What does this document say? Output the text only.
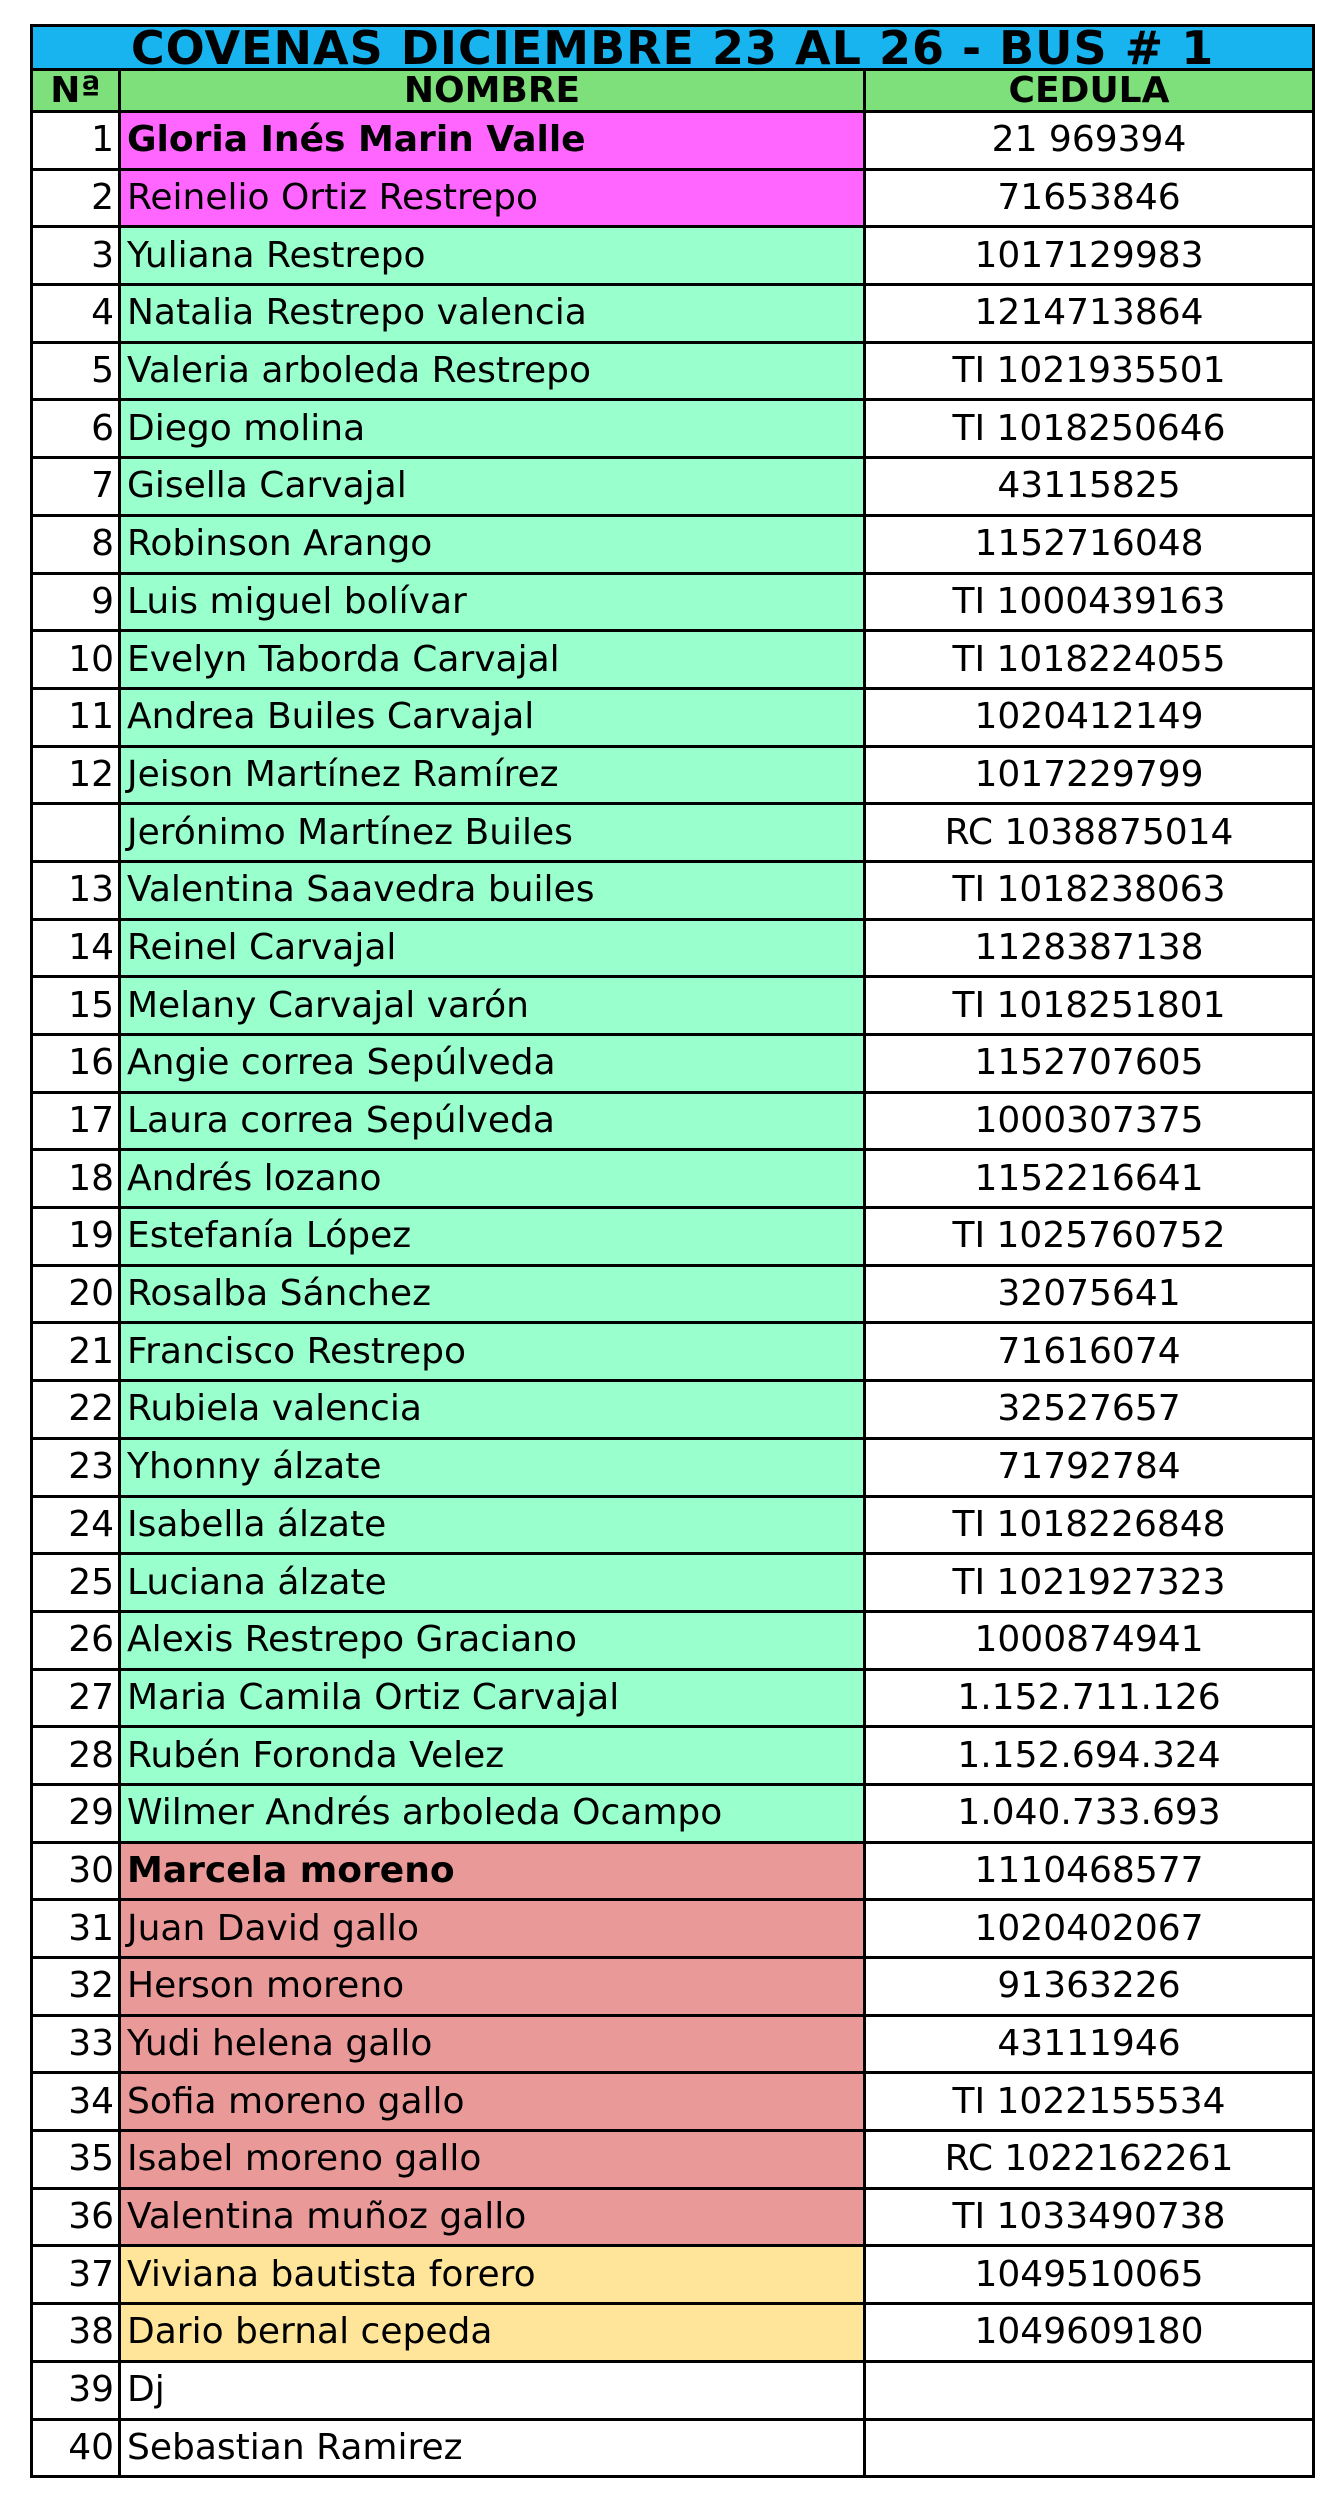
COVENAS DICIEMBRE 23 AL 26 - BUS # 1		
Nª	NOMBRE	CEDULA
1	Gloria Inés Marin Valle	21 969394
2	Reinelio Ortiz Restrepo	71653846
3	Yuliana Restrepo	1017129983
4	Natalia Restrepo valencia	1214713864
5	Valeria arboleda Restrepo	TI 1021935501
6	Diego molina	TI 1018250646
7	Gisella Carvajal	43115825
8	Robinson Arango	1152716048
9	Luis miguel bolívar	TI 1000439163
10	Evelyn Taborda Carvajal	TI 1018224055
11	Andrea Builes Carvajal	1020412149
12	Jeison Martínez Ramírez	1017229799
	Jerónimo Martínez Builes	RC 1038875014
13	Valentina Saavedra builes	TI 1018238063
14	Reinel Carvajal	1128387138
15	Melany Carvajal varón	TI 1018251801
16	Angie correa Sepúlveda	1152707605
17	Laura correa Sepúlveda	1000307375
18	Andrés lozano	1152216641
19	Estefanía López	TI 1025760752
20	Rosalba Sánchez	32075641
21	Francisco Restrepo	71616074
22	Rubiela valencia	32527657
23	Yhonny álzate	71792784
24	Isabella álzate	TI 1018226848
25	Luciana álzate	TI 1021927323
26	Alexis Restrepo Graciano	1000874941
27	Maria Camila Ortiz Carvajal	1.152.711.126
28	Rubén Foronda Velez	1.152.694.324
29	Wilmer Andrés arboleda Ocampo	1.040.733.693
30	Marcela moreno	1110468577
31	Juan David gallo	1020402067
32	Herson moreno	91363226
33	Yudi helena gallo	43111946
34	Sofia moreno gallo	TI 1022155534
35	Isabel moreno gallo	RC 1022162261
36	Valentina muñoz gallo	TI 1033490738
37	Viviana bautista forero	1049510065
38	Dario bernal cepeda	1049609180
39	Dj	
40	Sebastian Ramirez	
